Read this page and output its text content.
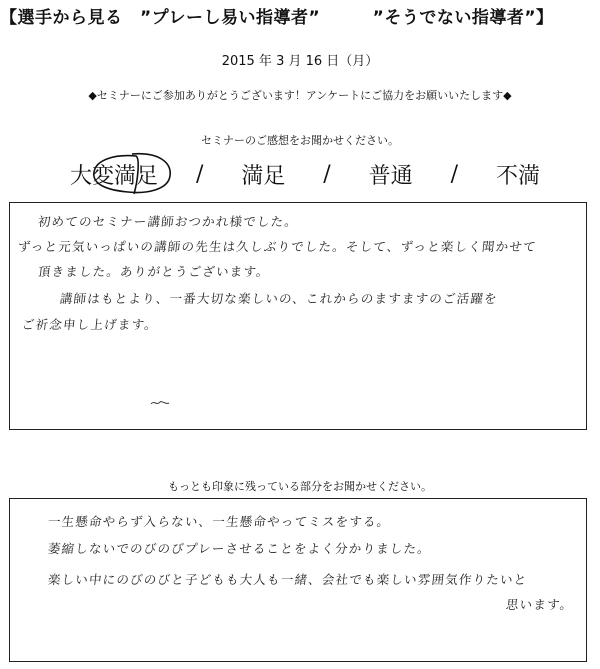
【選手から見る　”プレーし易い指導者”　　　”そうでない指導者”】
2015 年 3 月 16 日（月）
◆セミナーにご参加ありがとうございます！アンケートにご協力をお願いいたします◆
セミナーのご感想をお聞かせください。
大変満足 / 満足 / 普通 / 不満
初めてのセミナー講師おつかれ様でした。
ずっと元気いっぱいの講師の先生は久しぶりでした。そして、ずっと楽しく聞かせて
頂きました。ありがとうございます。
講師はもとより、一番大切な楽しいの、これからのますますのご活躍を
ご祈念申し上げます。
もっとも印象に残っている部分をお聞かせください。
一生懸命やらず入らない、一生懸命やってミスをする。
萎縮しないでのびのびプレーさせることをよく分かりました。
楽しい中にのびのびと子どもも大人も一緒、会社でも楽しい雰囲気作りたいと
思います。
